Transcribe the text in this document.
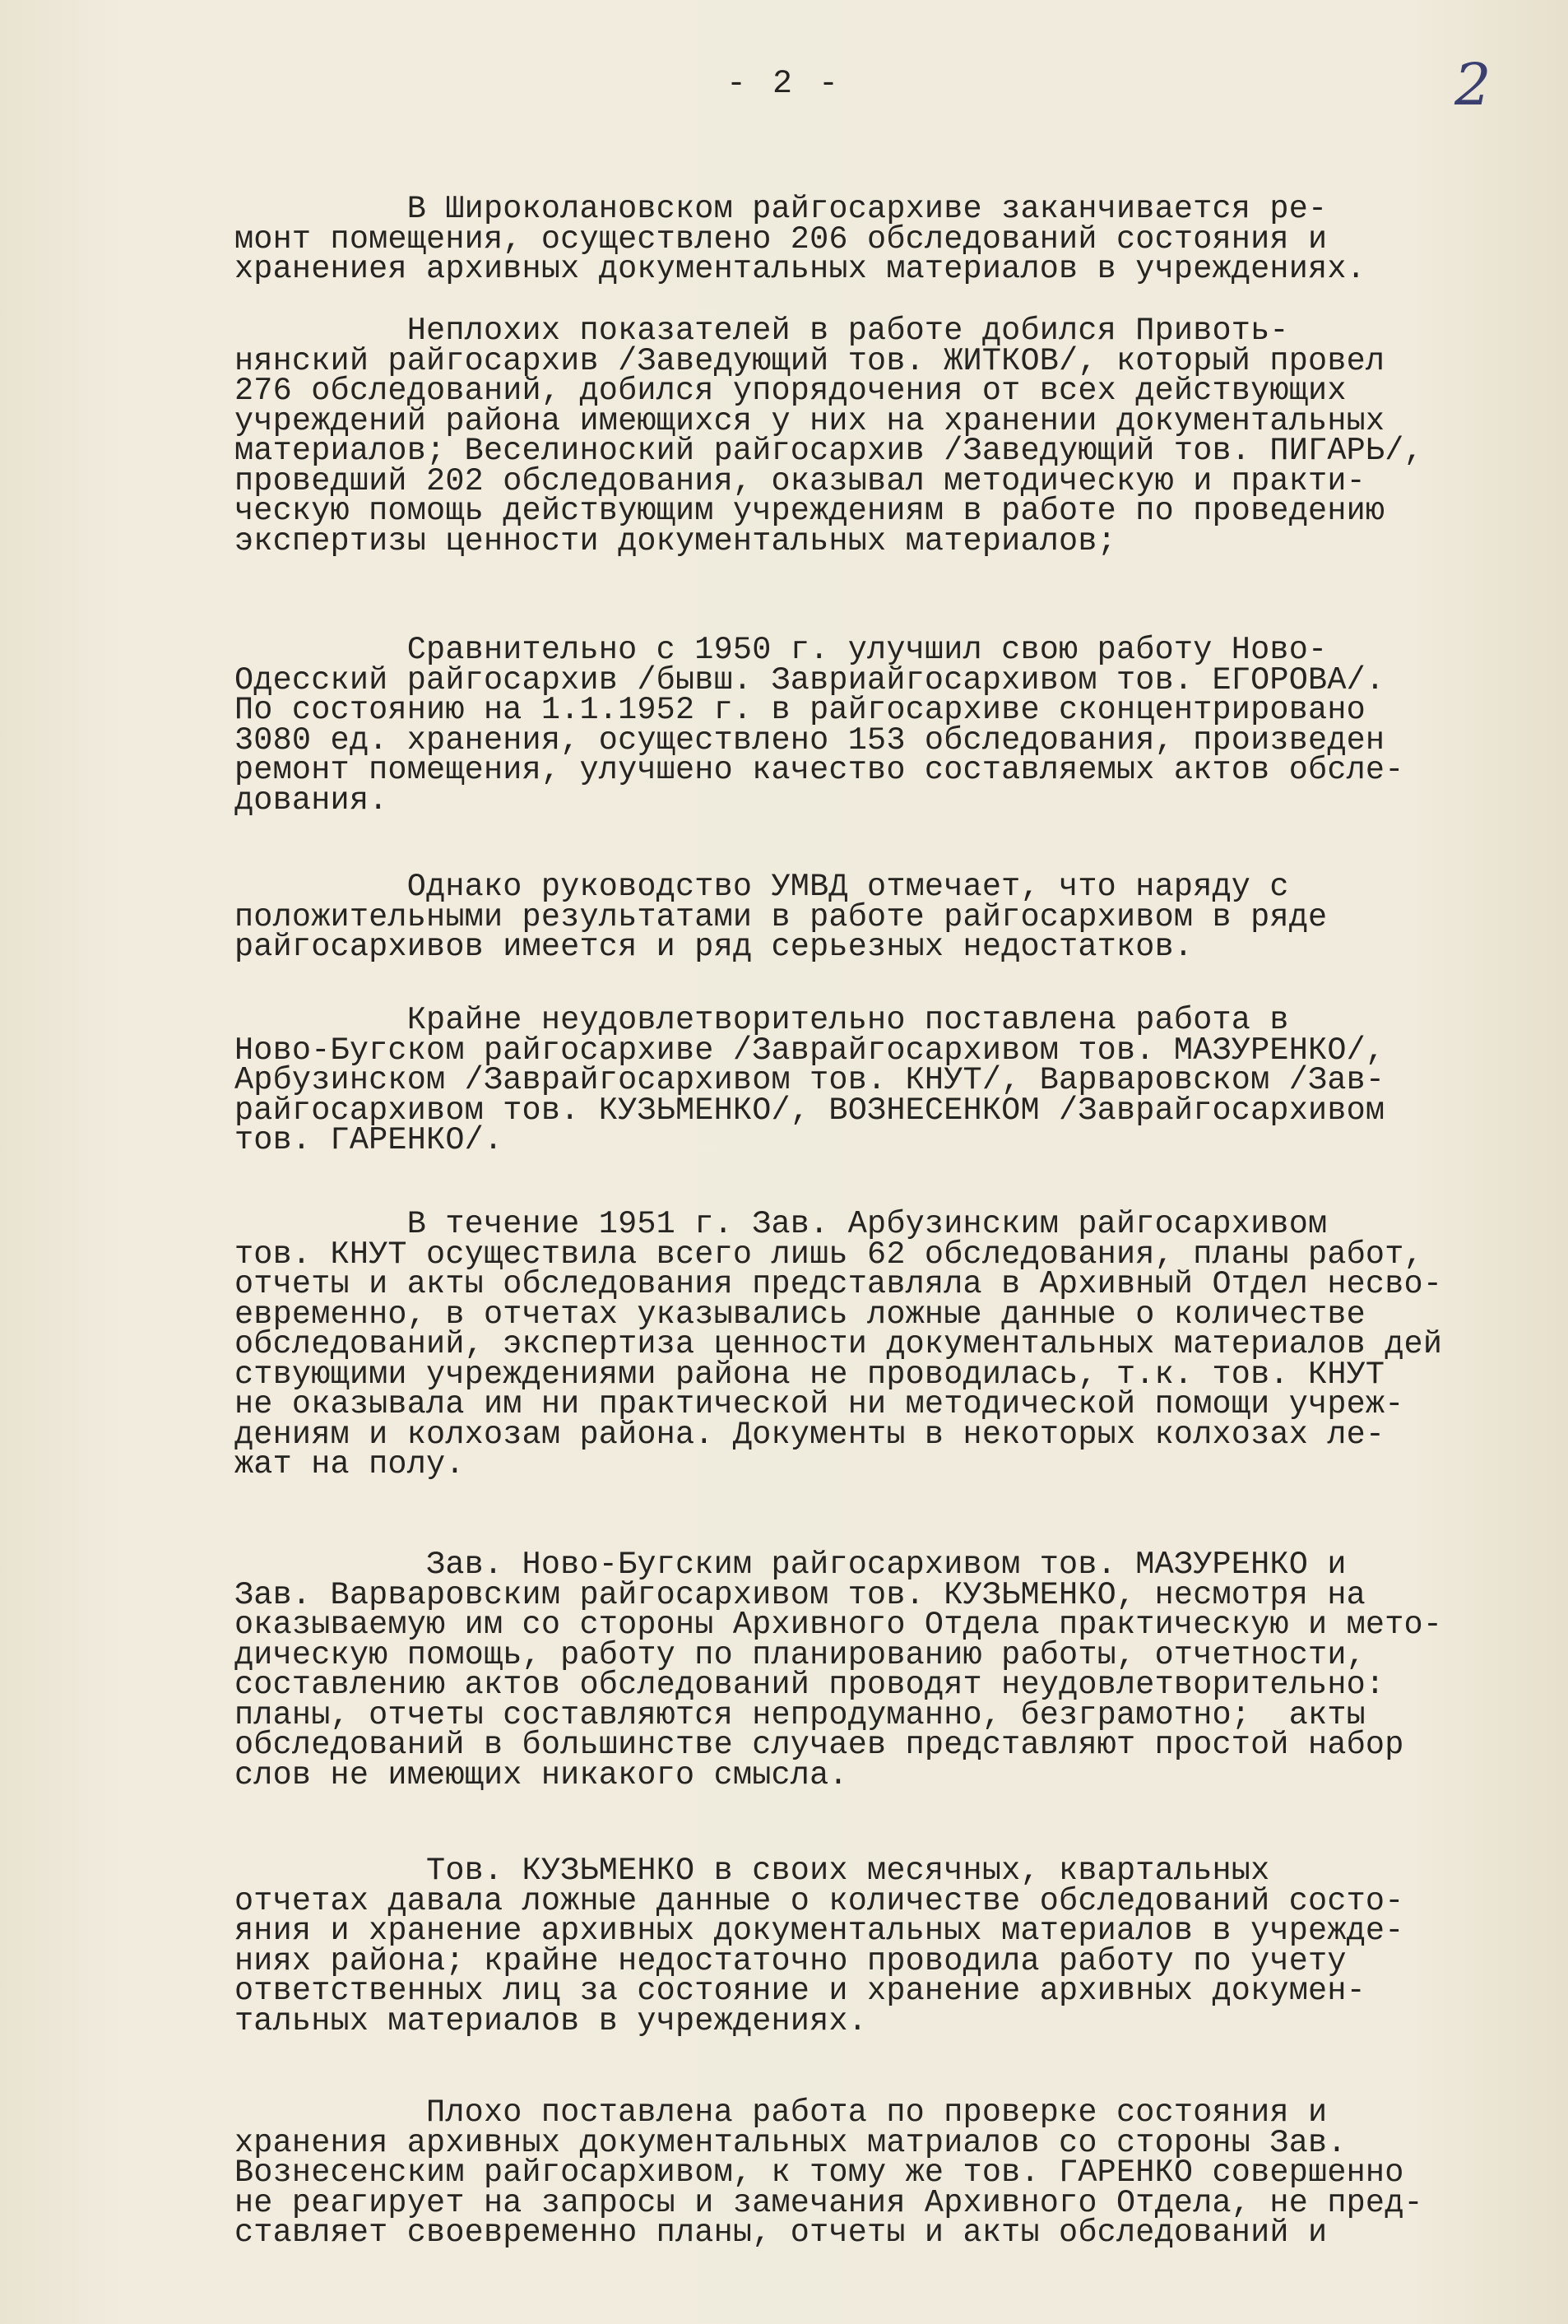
- 2 -	2
В Широколановском райгосархиве заканчивается ре-
монт помещения, осуществлено 206 обследований состояния и
хранениея архивных документальных материалов в учреждениях.
Неплохих показателей в работе добился Привоть-
нянский райгосархив /Заведующий тов. ЖИТКОВ/, который провел
276 обследований, добился упорядочения от всех действующих
учреждений района имеющихся у них на хранении документальных
материалов; Веселиноский райгосархив /Заведующий тов. ПИГАРЬ/,
проведший 202 обследования, оказывал методическую и практи-
ческую помощь действующим учреждениям в работе по проведению
экспертизы ценности документальных материалов;
Сравнительно с 1950 г. улучшил свою работу Ново-
Одесский райгосархив /бывш. Завриайгосархивом тов. ЕГОРОВА/.
По состоянию на 1.1.1952 г. в райгосархиве сконцентрировано
3080 ед. хранения, осуществлено 153 обследования, произведен
ремонт помещения, улучшено качество составляемых актов обсле-
дования.
Однако руководство УМВД отмечает, что наряду с
положительными результатами в работе райгосархивом в ряде
райгосархивов имеется и ряд серьезных недостатков.
Крайне неудовлетворительно поставлена работа в
Ново-Бугском райгосархиве /Заврайгосархивом тов. МАЗУРЕНКО/,
Арбузинском /Заврайгосархивом тов. КНУТ/, Варваровском /Зав-
райгосархивом тов. КУЗЬМЕНКО/, ВОЗНЕСЕНКОМ /Заврайгосархивом
тов. ГАРЕНКО/.
В течение 1951 г. Зав. Арбузинским райгосархивом
тов. КНУТ осуществила всего лишь 62 обследования, планы работ,
отчеты и акты обследования представляла в Архивный Отдел несво-
евременно, в отчетах указывались ложные данные о количестве
обследований, экспертиза ценности документальных материалов дей
ствующими учреждениями района не проводилась, т.к. тов. КНУТ
не оказывала им ни практической ни методической помощи учреж-
дениям и колхозам района. Документы в некоторых колхозах ле-
жат на полу.
Зав. Ново-Бугским райгосархивом тов. МАЗУРЕНКО и
Зав. Варваровским райгосархивом тов. КУЗЬМЕНКО, несмотря на
оказываемую им со стороны Архивного Отдела практическую и мето-
дическую помощь, работу по планированию работы, отчетности,
составлению актов обследований проводят неудовлетворительно:
планы, отчеты составляются непродуманно, безграмотно;  акты
обследований в большинстве случаев представляют простой набор
слов не имеющих никакого смысла.
Тов. КУЗЬМЕНКО в своих месячных, квартальных
отчетах давала ложные данные о количестве обследований состо-
яния и хранение архивных документальных материалов в учрежде-
ниях района; крайне недостаточно проводила работу по учету
ответственных лиц за состояние и хранение архивных докумен-
тальных материалов в учреждениях.
Плохо поставлена работа по проверке состояния и
хранения архивных документальных матриалов со стороны Зав.
Вознесенским райгосархивом, к тому же тов. ГАРЕНКО совершенно
не реагирует на запросы и замечания Архивного Отдела, не пред-
ставляет своевременно планы, отчеты и акты обследований и
